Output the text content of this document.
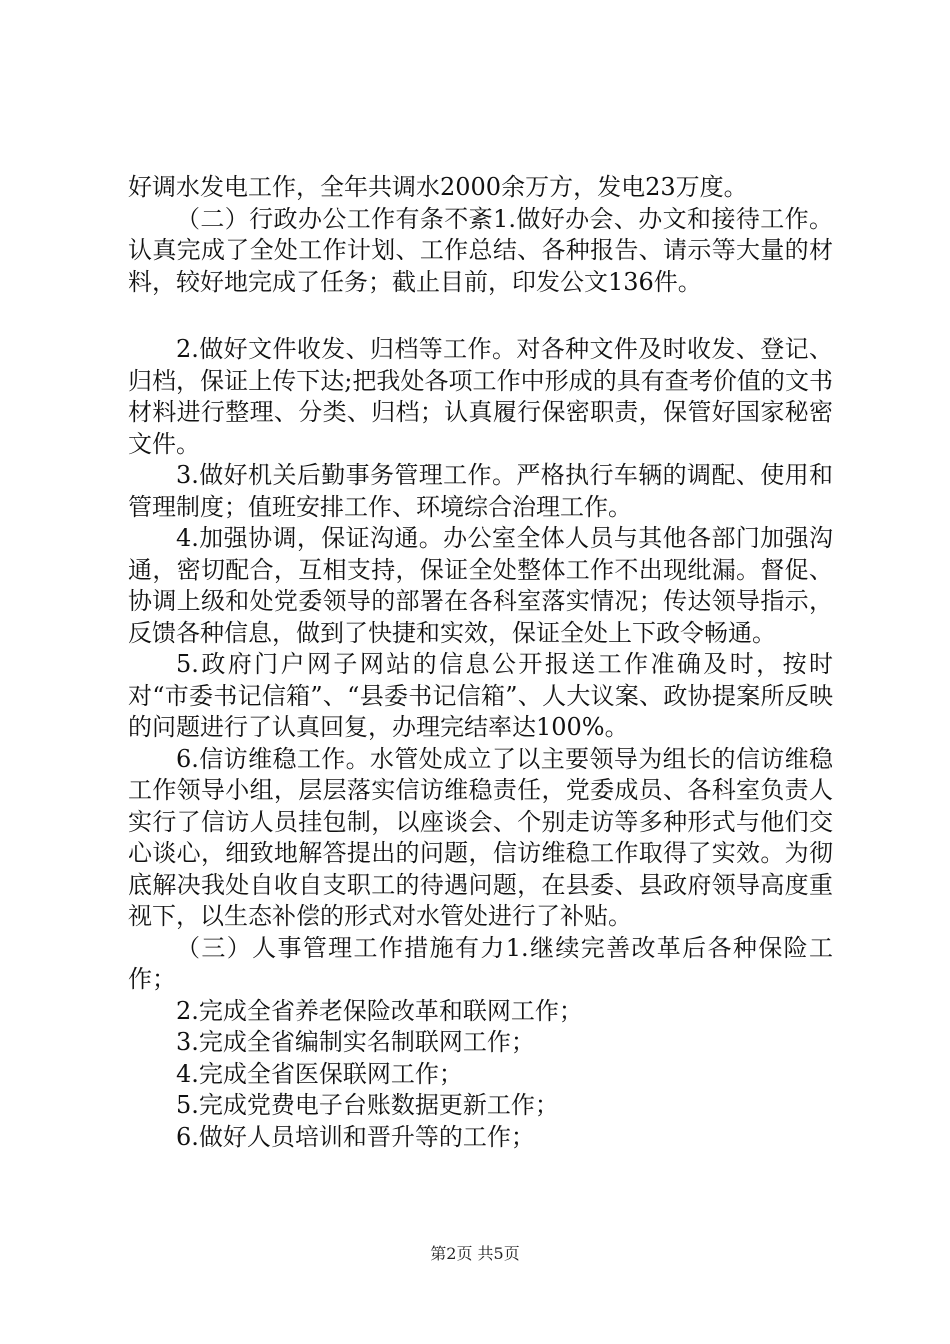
好调水发电工作，全年共调水2000余万方，发电23万度。

（二）行政办公工作有条不紊1.做好办会、办文和接待工作。认真完成了全处工作计划、工作总结、各种报告、请示等大量的材料，较好地完成了任务；截止目前，印发公文136件。

2.做好文件收发、归档等工作。对各种文件及时收发、登记、归档，保证上传下达;把我处各项工作中形成的具有查考价值的文书材料进行整理、分类、归档；认真履行保密职责，保管好国家秘密文件。

3.做好机关后勤事务管理工作。严格执行车辆的调配、使用和管理制度；值班安排工作、环境综合治理工作。

4.加强协调，保证沟通。办公室全体人员与其他各部门加强沟通，密切配合，互相支持，保证全处整体工作不出现纰漏。督促、协调上级和处党委领导的部署在各科室落实情况；传达领导指示，反馈各种信息，做到了快捷和实效，保证全处上下政令畅通。

5.政府门户网子网站的信息公开报送工作准确及时，按时对“市委书记信箱”、“县委书记信箱”、人大议案、政协提案所反映的问题进行了认真回复，办理完结率达100%。

6.信访维稳工作。水管处成立了以主要领导为组长的信访维稳工作领导小组，层层落实信访维稳责任，党委成员、各科室负责人实行了信访人员挂包制，以座谈会、个别走访等多种形式与他们交心谈心，细致地解答提出的问题，信访维稳工作取得了实效。为彻底解决我处自收自支职工的待遇问题，在县委、县政府领导高度重视下，以生态补偿的形式对水管处进行了补贴。

（三）人事管理工作措施有力1.继续完善改革后各种保险工作；

2.完成全省养老保险改革和联网工作；

3.完成全省编制实名制联网工作；

4.完成全省医保联网工作；

5.完成党费电子台账数据更新工作；

6.做好人员培训和晋升等的工作；

第2页 共5页
